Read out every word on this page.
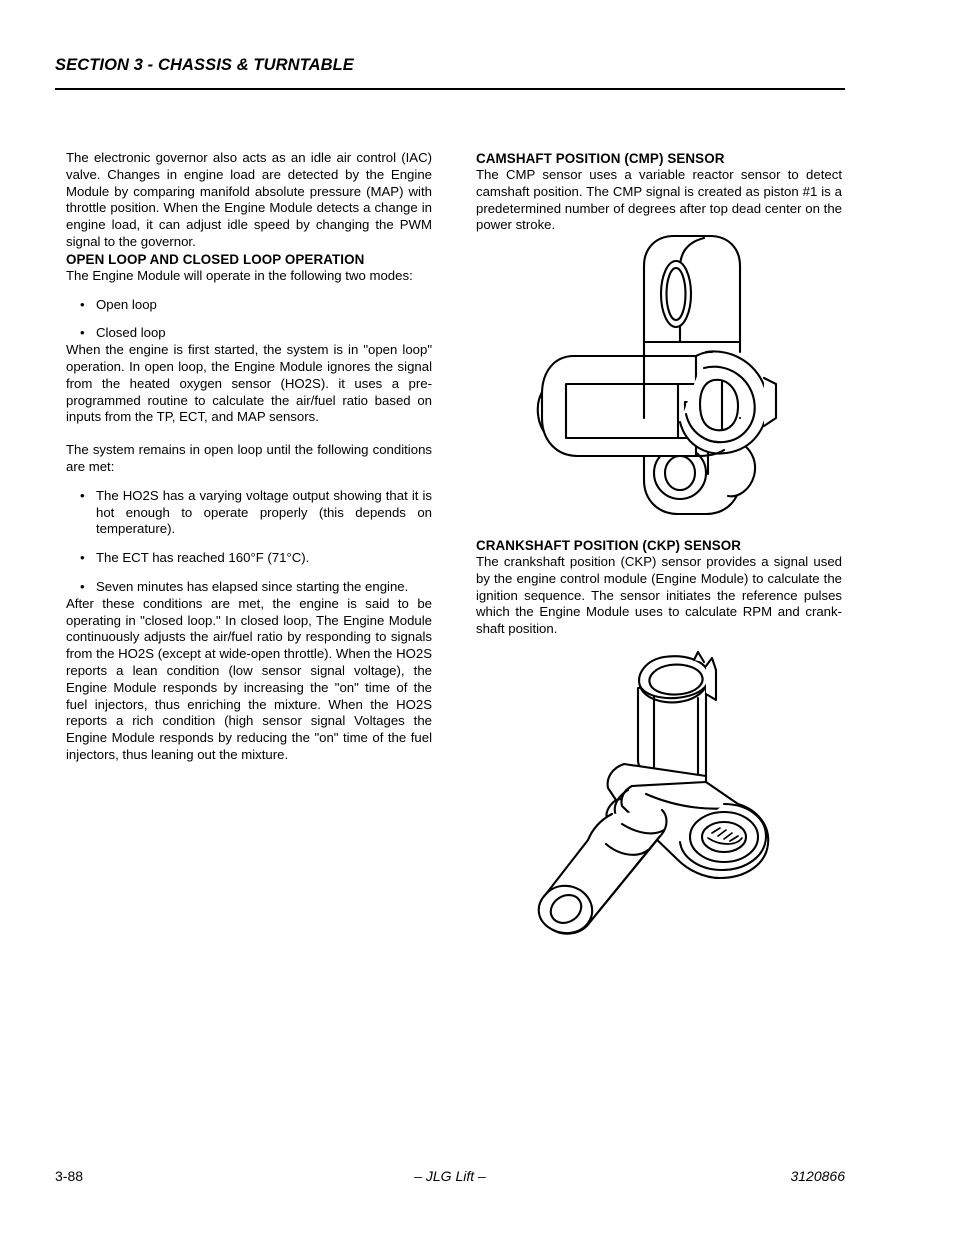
SECTION 3 - CHASSIS & TURNTABLE

The electronic governor also acts as an idle air control (IAC) valve. Changes in engine load are detected by the Engine Module by comparing manifold absolute pressure (MAP) with throttle position. When the Engine Module detects a change in engine load, it can adjust idle speed by changing the PWM signal to the governor.

OPEN LOOP AND CLOSED LOOP OPERATION

The Engine Module will operate in the following two modes:

• Open loop
• Closed loop

When the engine is first started, the system is in "open loop" operation. In open loop, the Engine Module ignores the signal from the heated oxygen sensor (HO2S). it uses a pre-programmed routine to calculate the air/fuel ratio based on inputs from the TP, ECT, and MAP sensors.

The system remains in open loop until the following conditions are met:

• The HO2S has a varying voltage output showing that it is hot enough to operate properly (this depends on temperature).
• The ECT has reached 160°F (71°C).
• Seven minutes has elapsed since starting the engine.

After these conditions are met, the engine is said to be operating in "closed loop." In closed loop, The Engine Module continuously adjusts the air/fuel ratio by responding to signals from the HO2S (except at wide-open throttle). When the HO2S reports a lean condition (low sensor signal voltage), the Engine Module responds by increasing the "on" time of the fuel injectors, thus enriching the mixture. When the HO2S reports a rich condition (high sensor signal Voltages the Engine Module responds by reducing the "on" time of the fuel injectors, thus leaning out the mixture.

CAMSHAFT POSITION (CMP) SENSOR

The CMP sensor uses a variable reactor sensor to detect camshaft position. The CMP signal is created as piston #1 is a predetermined number of degrees after top dead center on the power stroke.

CRANKSHAFT POSITION (CKP) SENSOR

The crankshaft position (CKP) sensor provides a signal used by the engine control module (Engine Module) to calculate the ignition sequence. The sensor initiates the reference pulses which the Engine Module uses to calculate RPM and crank-shaft position.

3-88	– JLG Lift –	3120866
